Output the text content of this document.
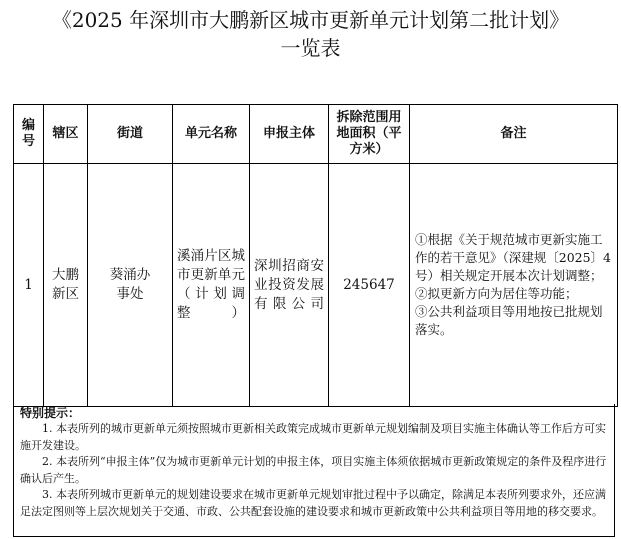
《2025 年深圳市大鹏新区城市更新单元计划第二批计划》
一览表
编号	辖区	街道	单元名称	申报主体	拆除范围用地面积（平方米）	备注
1	大鹏新区	葵涌办事处	溪涌片区城市更新单元（计划调整）	深圳招商安业投资发展有限公司	245647	①根据《关于规范城市更新实施工作的若干意见》（深建规〔2025〕4 号）相关规定开展本次计划调整；
②拟更新方向为居住等功能；
③公共利益项目等用地按已批规划落实。
特别提示：

1. 本表所列的城市更新单元须按照城市更新相关政策完成城市更新单元规划编制及项目实施主体确认等工作后方可实施开发建设。

2. 本表所列“申报主体”仅为城市更新单元计划的申报主体，项目实施主体须依据城市更新政策规定的条件及程序进行确认后产生。

3. 本表所列城市更新单元的规划建设要求在城市更新单元规划审批过程中予以确定，除满足本表所列要求外，还应满足法定图则等上层次规划关于交通、市政、公共配套设施的建设要求和城市更新政策中公共利益项目等用地的移交要求。
